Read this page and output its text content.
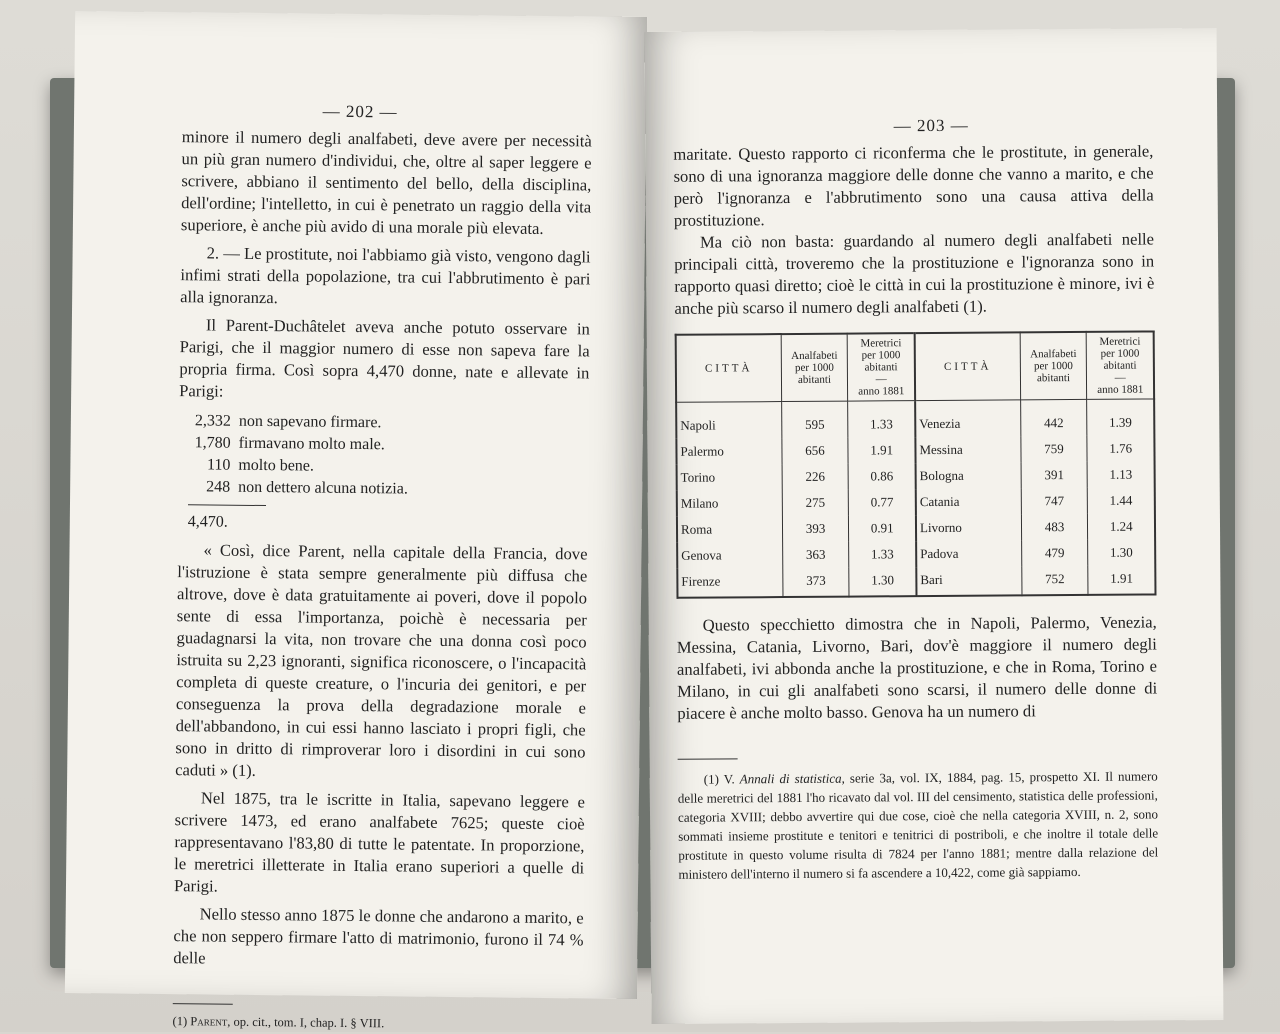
— 202 —

minore il numero degli analfabeti, deve avere per necessità un più gran numero d'individui, che, oltre al saper leggere e scrivere, abbiano il sentimento del bello, della disciplina, dell'ordine; l'intelletto, in cui è penetrato un raggio della vita superiore, è anche più avido di una morale più elevata.

2. — Le prostitute, noi l'abbiamo già visto, vengono dagli infimi strati della popolazione, tra cui l'abbrutimento è pari alla ignoranza.

Il Parent-Duchâtelet aveva anche potuto osservare in Parigi, che il maggior numero di esse non sapeva fare la propria firma. Così sopra 4,470 donne, nate e allevate in Parigi:

2,332 non sapevano firmare.
1,780 firmavano molto male.
110 molto bene.
248 non dettero alcuna notizia.
4,470.

« Così, dice Parent, nella capitale della Francia, dove l'istruzione è stata sempre generalmente più diffusa che altrove, dove è data gratuitamente ai poveri, dove il popolo sente di essa l'importanza, poichè è necessaria per guadagnarsi la vita, non trovare che una donna così poco istruita su 2,23 ignoranti, significa riconoscere, o l'incapacità completa di queste creature, o l'incuria dei genitori, e per conseguenza la prova della degradazione morale e dell'abbandono, in cui essi hanno lasciato i propri figli, che sono in dritto di rimproverar loro i disordini in cui sono caduti » (1).

Nel 1875, tra le iscritte in Italia, sapevano leggere e scrivere 1473, ed erano analfabete 7625; queste cioè rappresentavano l'83,80 di tutte le patentate. In proporzione, le meretrici illetterate in Italia erano superiori a quelle di Parigi.

Nello stesso anno 1875 le donne che andarono a marito, e che non seppero firmare l'atto di matrimonio, furono il 74 % delle

(1) Parent, op. cit., tom. I, chap. I. § VIII.
— 203 —

maritate. Questo rapporto ci riconferma che le prostitute, in generale, sono di una ignoranza maggiore delle donne che vanno a marito, e che però l'ignoranza e l'abbrutimento sono una causa attiva della prostituzione.

Ma ciò non basta: guardando al numero degli analfabeti nelle principali città, troveremo che la prostituzione e l'ignoranza sono in rapporto quasi diretto; cioè le città in cui la prostituzione è minore, ivi è anche più scarso il numero degli analfabeti (1).

CITTÀ	Analfabeti
per 1000
abitanti	Meretrici
per 1000
abitanti
—
anno 1881	CITTÀ	Analfabeti
per 1000
abitanti	Meretrici
per 1000
abitanti
—
anno 1881

Napoli	595	1.33	Venezia	442	1.39
Palermo	656	1.91	Messina	759	1.76
Torino	226	0.86	Bologna	391	1.13
Milano	275	0.77	Catania	747	1.44
Roma	393	0.91	Livorno	483	1.24
Genova	363	1.33	Padova	479	1.30
Firenze	373	1.30	Bari	752	1.91

Questo specchietto dimostra che in Napoli, Palermo, Venezia, Messina, Catania, Livorno, Bari, dov'è maggiore il numero degli analfabeti, ivi abbonda anche la prostituzione, e che in Roma, Torino e Milano, in cui gli analfabeti sono scarsi, il numero delle donne di piacere è anche molto basso. Genova ha un numero di

(1) V. Annali di statistica, serie 3a, vol. IX, 1884, pag. 15, prospetto XI. Il numero delle meretrici del 1881 l'ho ricavato dal vol. III del censimento, statistica delle professioni, categoria XVIII; debbo avvertire qui due cose, cioè che nella categoria XVIII, n. 2, sono sommati insieme prostitute e tenitori e tenitrici di postriboli, e che inoltre il totale delle prostitute in questo volume risulta di 7824 per l'anno 1881; mentre dalla relazione del ministero dell'interno il numero si fa ascendere a 10,422, come già sappiamo.
